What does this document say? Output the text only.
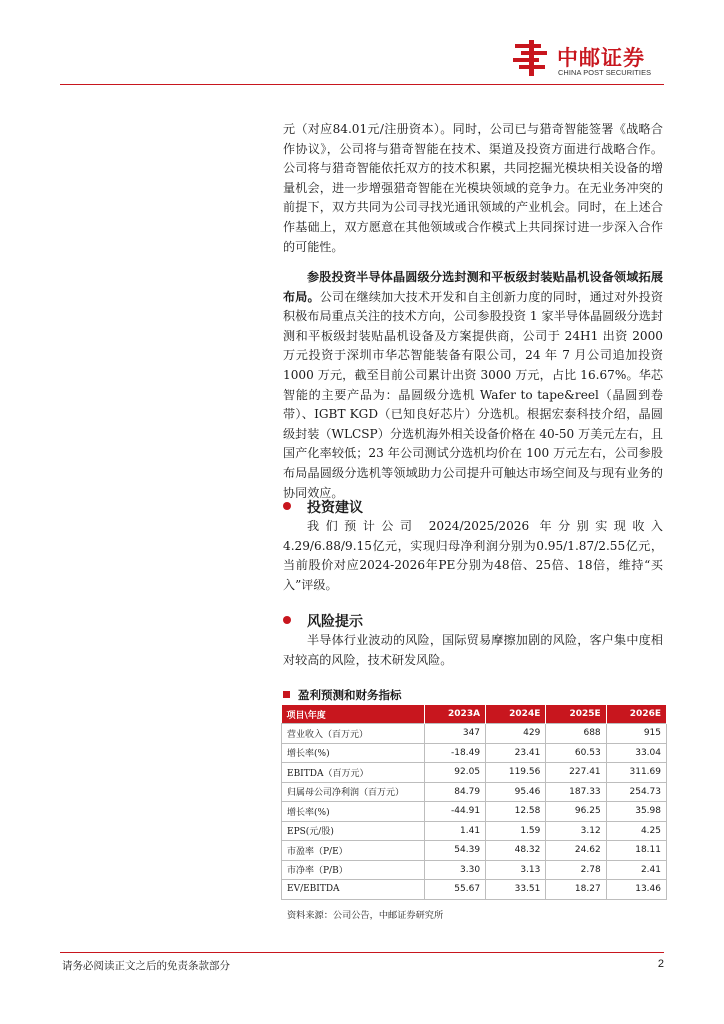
中邮证券
CHINA POST SECURITIES

元（对应84.01元/注册资本）。同时，公司已与猎奇智能签署《战略合作协议》，公司将与猎奇智能在技术、渠道及投资方面进行战略合作。公司将与猎奇智能依托双方的技术积累，共同挖掘光模块相关设备的增量机会，进一步增强猎奇智能在光模块领域的竞争力。在无业务冲突的前提下，双方共同为公司寻找光通讯领域的产业机会。同时，在上述合作基础上，双方愿意在其他领域或合作模式上共同探讨进一步深入合作的可能性。

参股投资半导体晶圆级分选封测和平板级封装贴晶机设备领域拓展布局。公司在继续加大技术开发和自主创新力度的同时，通过对外投资积极布局重点关注的技术方向，公司参股投资 1 家半导体晶圆级分选封测和平板级封装贴晶机设备及方案提供商，公司于 24H1 出资 2000 万元投资于深圳市华芯智能装备有限公司，24 年 7 月公司追加投资 1000 万元，截至目前公司累计出资 3000 万元，占比 16.67%。华芯智能的主要产品为：晶圆级分选机 Wafer to tape&reel（晶圆到卷带）、IGBT KGD（已知良好芯片）分选机。根据宏泰科技介绍，晶圆级封装（WLCSP）分选机海外相关设备价格在 40-50 万美元左右，且国产化率较低；23 年公司测试分选机均价在 100 万元左右，公司参股布局晶圆级分选机等领域助力公司提升可触达市场空间及与现有业务的协同效应。

投资建议

我们预计公司 2024/2025/2026 年分别实现收入 4.29/6.88/9.15亿元，实现归母净利润分别为0.95/1.87/2.55亿元，当前股价对应2024-2026年PE分别为48倍、25倍、18倍，维持“买入”评级。

风险提示

半导体行业波动的风险，国际贸易摩擦加剧的风险，客户集中度相对较高的风险，技术研发风险。

盈利预测和财务指标
项目\年度	2023A	2024E	2025E	2026E
营业收入（百万元）	347	429	688	915
增长率(%)	-18.49	23.41	60.53	33.04
EBITDA（百万元）	92.05	119.56	227.41	311.69
归属母公司净利润（百万元）	84.79	95.46	187.33	254.73
增长率(%)	-44.91	12.58	96.25	35.98
EPS(元/股)	1.41	1.59	3.12	4.25
市盈率（P/E）	54.39	48.32	24.62	18.11
市净率（P/B）	3.30	3.13	2.78	2.41
EV/EBITDA	55.67	33.51	18.27	13.46
资料来源：公司公告，中邮证券研究所
请务必阅读正文之后的免责条款部分	2
